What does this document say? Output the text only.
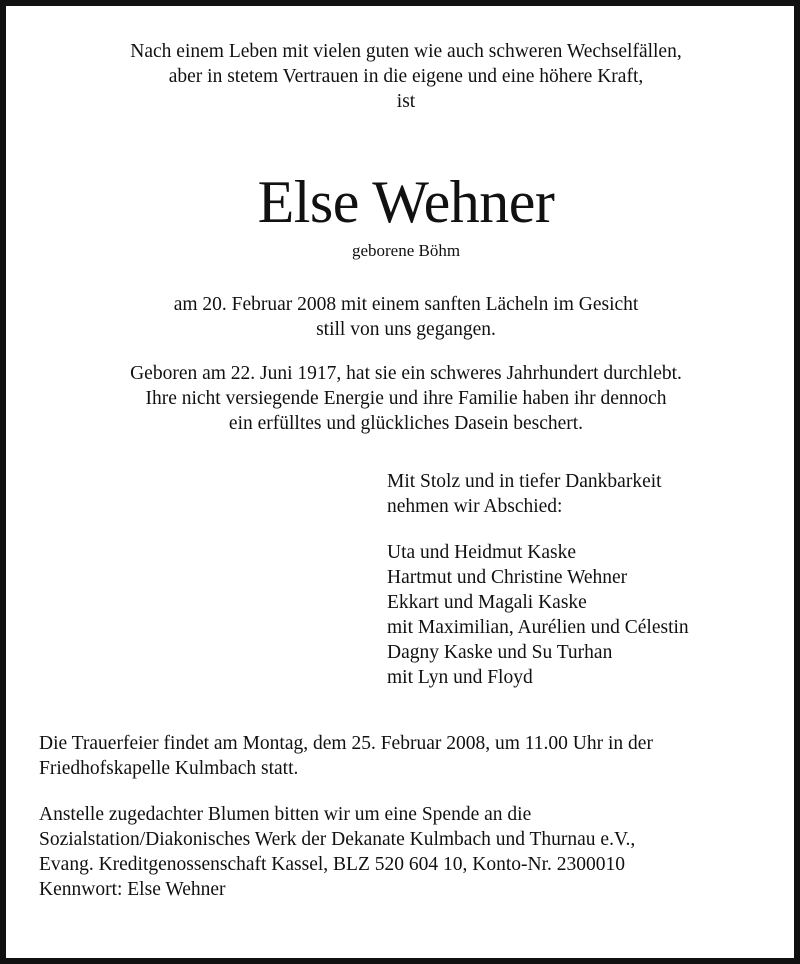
Nach einem Leben mit vielen guten wie auch schweren Wechselfällen,
aber in stetem Vertrauen in die eigene und eine höhere Kraft,
ist
Else Wehner
geborene Böhm
am 20. Februar 2008 mit einem sanften Lächeln im Gesicht
still von uns gegangen.
Geboren am 22. Juni 1917, hat sie ein schweres Jahrhundert durchlebt.
Ihre nicht versiegende Energie und ihre Familie haben ihr dennoch
ein erfülltes und glückliches Dasein beschert.
Mit Stolz und in tiefer Dankbarkeit
nehmen wir Abschied:
Uta und Heidmut Kaske
Hartmut und Christine Wehner
Ekkart und Magali Kaske
mit Maximilian, Aurélien und Célestin
Dagny Kaske und Su Turhan
mit Lyn und Floyd
Die Trauerfeier findet am Montag, dem 25. Februar 2008, um 11.00 Uhr in der
Friedhofskapelle Kulmbach statt.
Anstelle zugedachter Blumen bitten wir um eine Spende an die
Sozialstation/Diakonisches Werk der Dekanate Kulmbach und Thurnau e.V.,
Evang. Kreditgenossenschaft Kassel, BLZ 520 604 10, Konto-Nr. 2300010
Kennwort: Else Wehner
